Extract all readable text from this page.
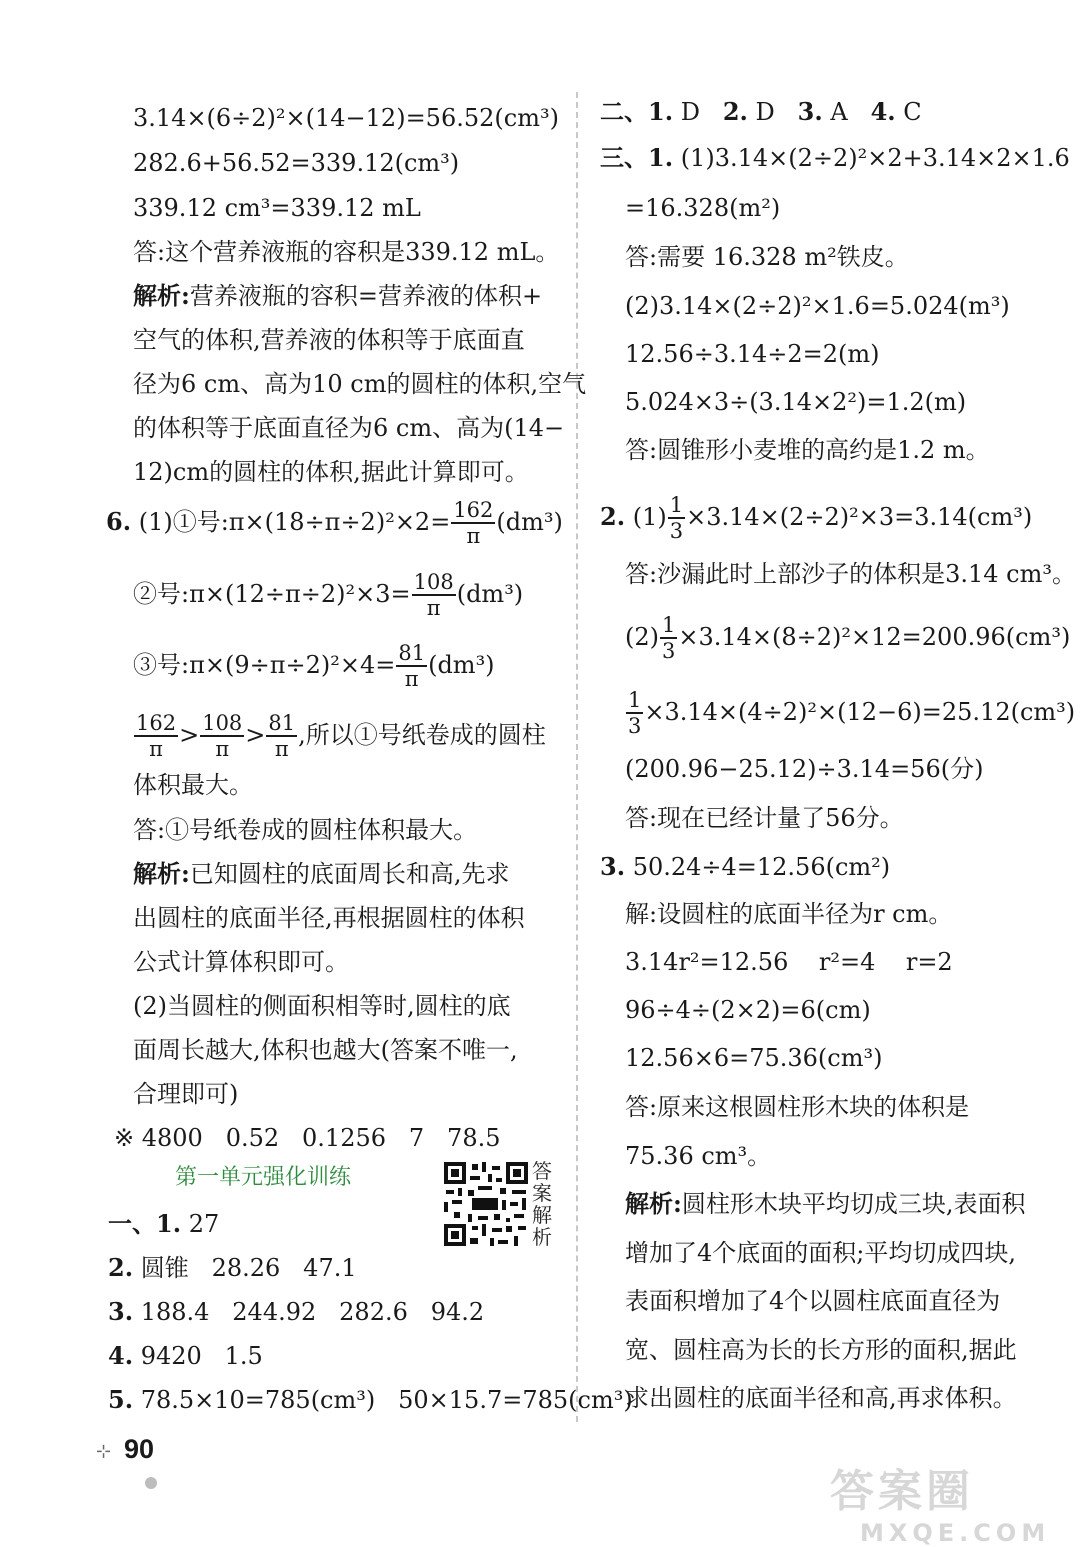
3.14×(6÷2)²×(14−12)=56.52(cm³)
282.6+56.52=339.12(cm³)
339.12 cm³=339.12 mL
答:这个营养液瓶的容积是339.12 mL。
解析:营养液瓶的容积=营养液的体积+
空气的体积,营养液的体积等于底面直
径为6 cm、高为10 cm的圆柱的体积,空气
的体积等于底面直径为6 cm、高为(14−
12)cm的圆柱的体积,据此计算即可。
6. (1)①号:π×(18÷π÷2)²×2= $\frac{162}{\pi} (dm^3)$
②号:π×(12÷π÷2)²×3= $\frac{108}{\pi} (dm^3)$
③号:π×(9÷π÷2)²×4= $\frac{81}{\pi} (dm^3)$
$\frac{162}{\pi} > \frac{108}{\pi} > \frac{81}{\pi}$ ,所以①号纸卷成的圆柱
体积最大。
答:①号纸卷成的圆柱体积最大。
解析:已知圆柱的底面周长和高,先求
出圆柱的底面半径,再根据圆柱的体积
公式计算体积即可。
(2)当圆柱的侧面积相等时,圆柱的底
面周长越大,体积也越大(答案不唯一,
合理即可)
※ 4800   0.52   0.1256   7   78.5
第一单元强化训练	答案解析
一、1. 27
2. 圆锥   28.26   47.1
3. 188.4   244.92   282.6   94.2
4. 9420   1.5
5. 78.5×10=785(cm³)   50×15.7=785(cm³)
二、1. D   2. D   3. A   4. C
三、1. (1)3.14×(2÷2)²×2+3.14×2×1.6
=16.328(m²)
答:需要 16.328 m²铁皮。
(2)3.14×(2÷2)²×1.6=5.024(m³)
12.56÷3.14÷2=2(m)
5.024×3÷(3.14×2²)=1.2(m)
答:圆锥形小麦堆的高约是1.2 m。
2. $(1) \frac{1}{3} \times 3.14\times(2\div 2)^2\times 3=3.14(cm^3)$
答:沙漏此时上部沙子的体积是3.14 cm³。
$(2) \frac{1}{3} \times 3.14\times(8\div 2)^2\times 12=200.96(cm^3)$
$\frac{1}{3} \times 3.14\times(4\div 2)^2\times(12-6)=25.12(cm^3)$
(200.96−25.12)÷3.14=56(分)
答:现在已经计量了56分。
3. 50.24÷4=12.56(cm²)
解:设圆柱的底面半径为r cm。
3.14r²=12.56    r²=4    r=2
96÷4÷(2×2)=6(cm)
12.56×6=75.36(cm³)
答:原来这根圆柱形木块的体积是
75.36 cm³。
解析:圆柱形木块平均切成三块,表面积
增加了4个底面的面积;平均切成四块,
表面积增加了4个以圆柱底面直径为
宽、圆柱高为长的长方形的面积,据此
求出圆柱的底面半径和高,再求体积。
⊹ 90
答案圈
MXQE.COM
